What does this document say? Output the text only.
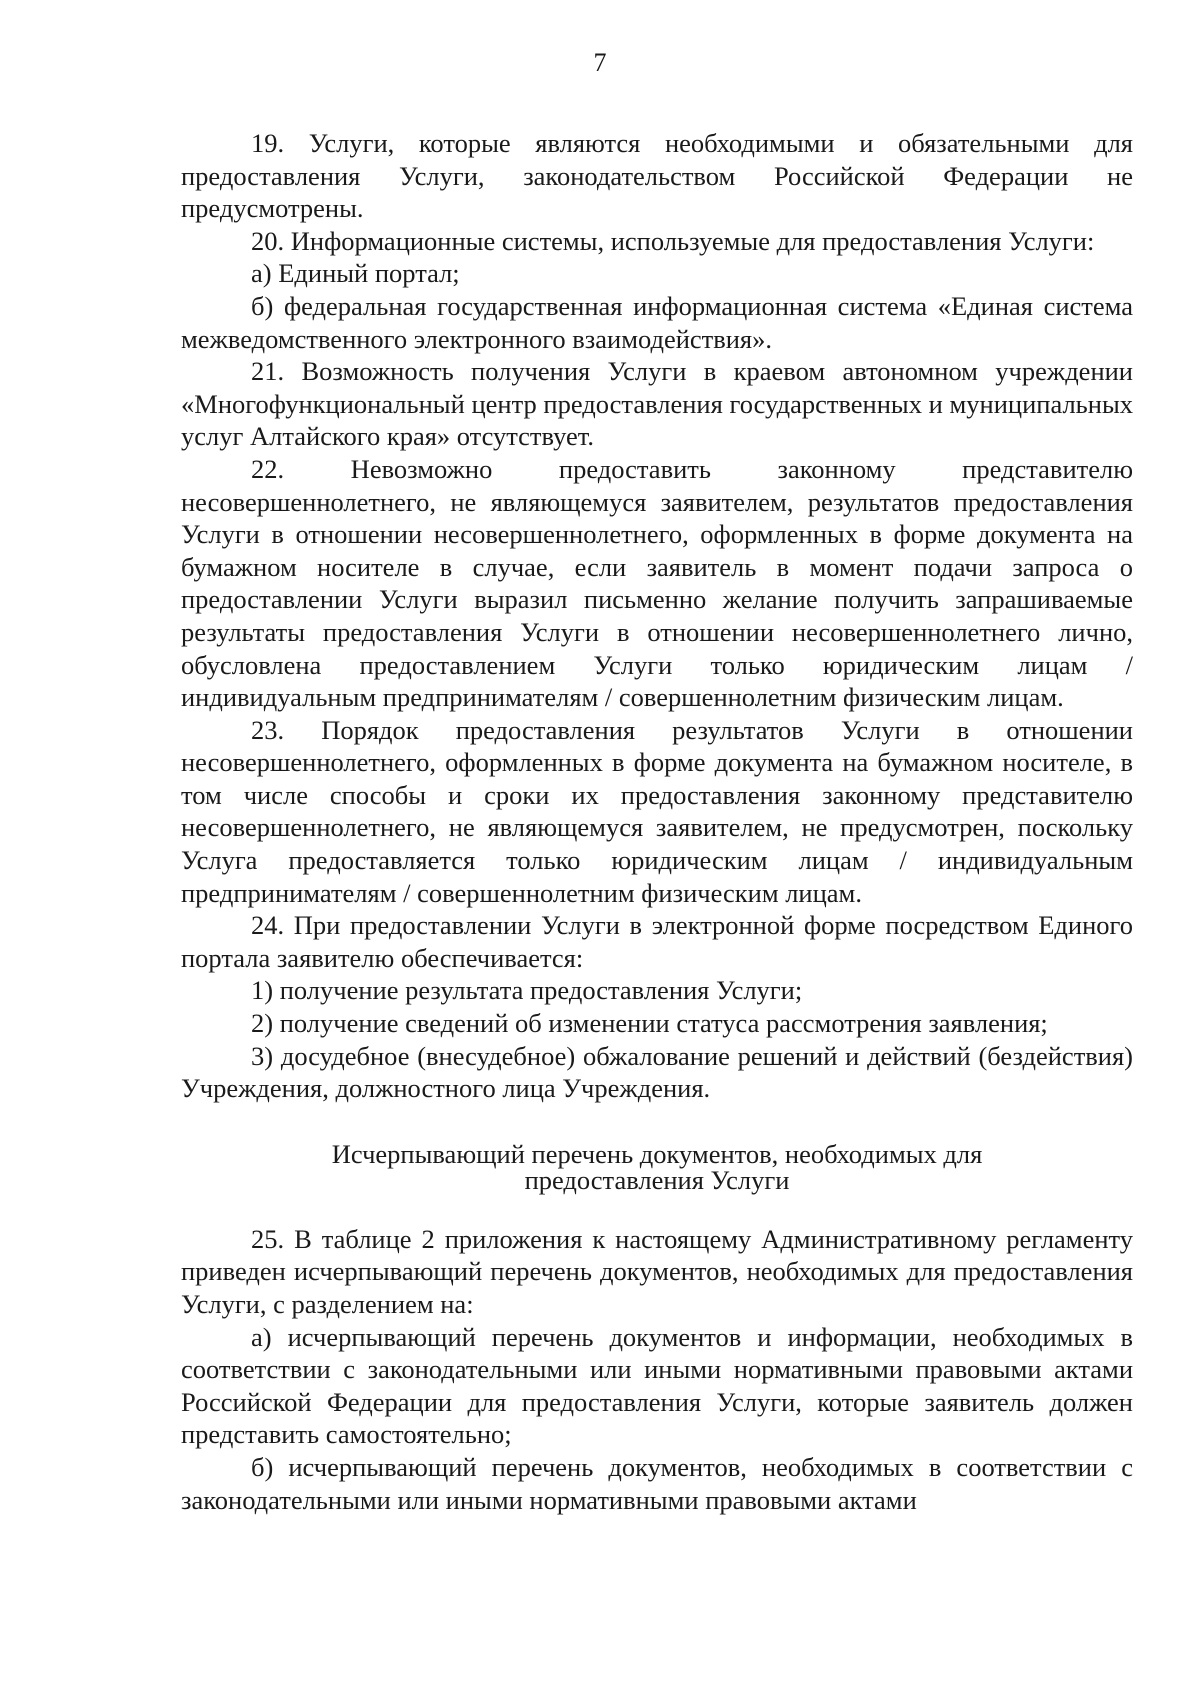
7

19. Услуги, которые являются необходимыми и обязательными для предоставления Услуги, законодательством Российской Федерации не предусмотрены.

20. Информационные системы, используемые для предоставления Услуги:

а) Единый портал;

б) федеральная государственная информационная система «Единая система межведомственного электронного взаимодействия».

21. Возможность получения Услуги в краевом автономном учреждении «Многофункциональный центр предоставления государственных и муниципальных услуг Алтайского края» отсутствует.

22. Невозможно предоставить законному представителю несовершеннолетнего, не являющемуся заявителем, результатов предоставления Услуги в отношении несовершеннолетнего, оформленных в форме документа на бумажном носителе в случае, если заявитель в момент подачи запроса о предоставлении Услуги выразил письменно желание получить запрашиваемые результаты предоставления Услуги в отношении несовершеннолетнего лично, обусловлена предоставлением Услуги только юридическим лицам / индивидуальным предпринимателям / совершеннолетним физическим лицам.

23. Порядок предоставления результатов Услуги в отношении несовершеннолетнего, оформленных в форме документа на бумажном носителе, в том числе способы и сроки их предоставления законному представителю несовершеннолетнего, не являющемуся заявителем, не предусмотрен, поскольку Услуга предоставляется только юридическим лицам / индивидуальным предпринимателям / совершеннолетним физическим лицам.

24. При предоставлении Услуги в электронной форме посредством Единого портала заявителю обеспечивается:

1) получение результата предоставления Услуги;

2) получение сведений об изменении статуса рассмотрения заявления;

3) досудебное (внесудебное) обжалование решений и действий (бездействия) Учреждения, должностного лица Учреждения.

Исчерпывающий перечень документов, необходимых для
предоставления Услуги

25. В таблице 2 приложения к настоящему Административному регламенту приведен исчерпывающий перечень документов, необходимых для предоставления Услуги, с разделением на:

а) исчерпывающий перечень документов и информации, необходимых в соответствии с законодательными или иными нормативными правовыми актами Российской Федерации для предоставления Услуги, которые заявитель должен представить самостоятельно;

б) исчерпывающий перечень документов, необходимых в соответствии с законодательными или иными нормативными правовыми актами
